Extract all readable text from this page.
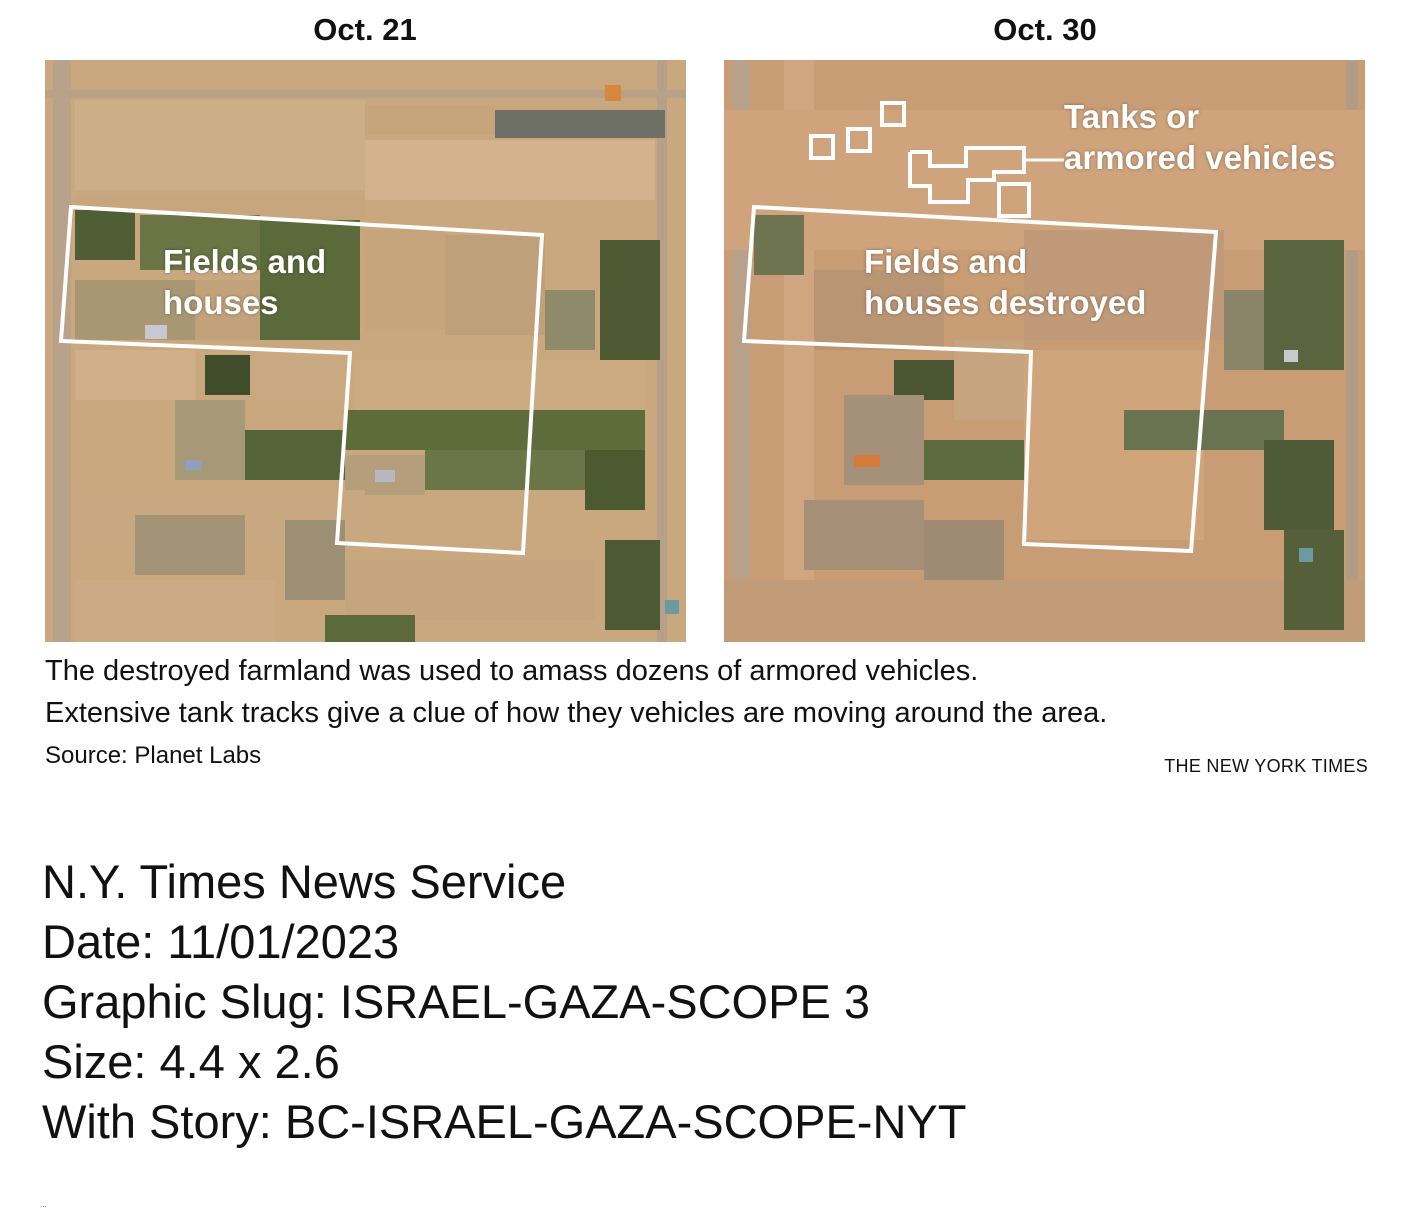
Oct. 21	Oct. 30
Fields and
houses
Tanks or
armored vehicles
Fields and
houses destroyed
The destroyed farmland was used to amass dozens of armored vehicles.
Extensive tank tracks give a clue of how they vehicles are moving around the area.
Source: Planet Labs	THE NEW YORK TIMES
N.Y. Times News Service
Date: 11/01/2023
Graphic Slug: ISRAEL-GAZA-SCOPE 3
Size: 4.4 x 2.6
With Story: BC-ISRAEL-GAZA-SCOPE-NYT
...
